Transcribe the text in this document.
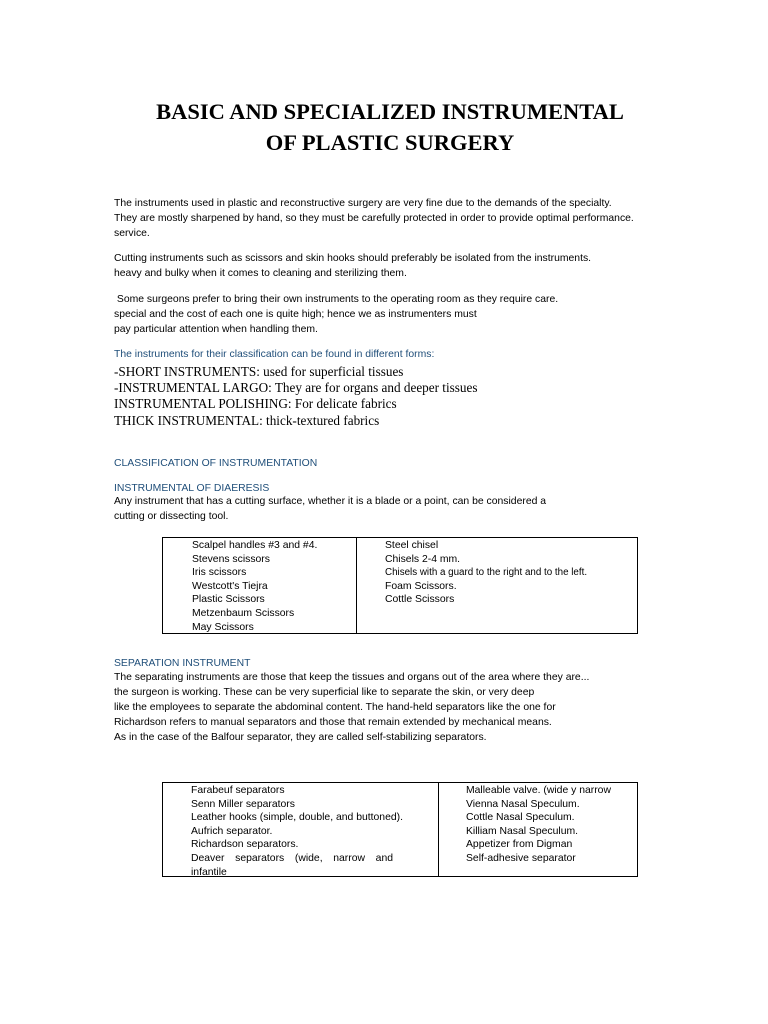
BASIC AND SPECIALIZED INSTRUMENTAL
OF PLASTIC SURGERY
The instruments used in plastic and reconstructive surgery are very fine due to the demands of the specialty.
They are mostly sharpened by hand, so they must be carefully protected in order to provide optimal performance.
service.
Cutting instruments such as scissors and skin hooks should preferably be isolated from the instruments.
heavy and bulky when it comes to cleaning and sterilizing them.
Some surgeons prefer to bring their own instruments to the operating room as they require care.
special and the cost of each one is quite high; hence we as instrumenters must
pay particular attention when handling them.
The instruments for their classification can be found in different forms:
-SHORT INSTRUMENTS: used for superficial tissues
-INSTRUMENTAL LARGO: They are for organs and deeper tissues
INSTRUMENTAL POLISHING: For delicate fabrics
THICK INSTRUMENTAL: thick-textured fabrics
CLASSIFICATION OF INSTRUMENTATION
INSTRUMENTAL OF DIAERESIS
Any instrument that has a cutting surface, whether it is a blade or a point, can be considered a
cutting or dissecting tool.
Scalpel handles #3 and #4.
Stevens scissors
Iris scissors
Westcott's Tiejra
Plastic Scissors
Metzenbaum Scissors
May Scissors
Steel chisel
Chisels 2-4 mm.
Chisels with a guard to the right and to the left.
Foam Scissors.
Cottle Scissors
SEPARATION INSTRUMENT
The separating instruments are those that keep the tissues and organs out of the area where they are...
the surgeon is working. These can be very superficial like to separate the skin, or very deep
like the employees to separate the abdominal content. The hand-held separators like the one for
Richardson refers to manual separators and those that remain extended by mechanical means.
As in the case of the Balfour separator, they are called self-stabilizing separators.
Farabeuf separators
Senn Miller separators
Leather hooks (simple, double, and buttoned).
Aufrich separator.
Richardson separators.
Deaver separators (wide, narrow and infantile
Malleable valve. (wide y narrow
Vienna Nasal Speculum.
Cottle Nasal Speculum.
Killiam Nasal Speculum.
Appetizer from Digman
Self-adhesive separator
